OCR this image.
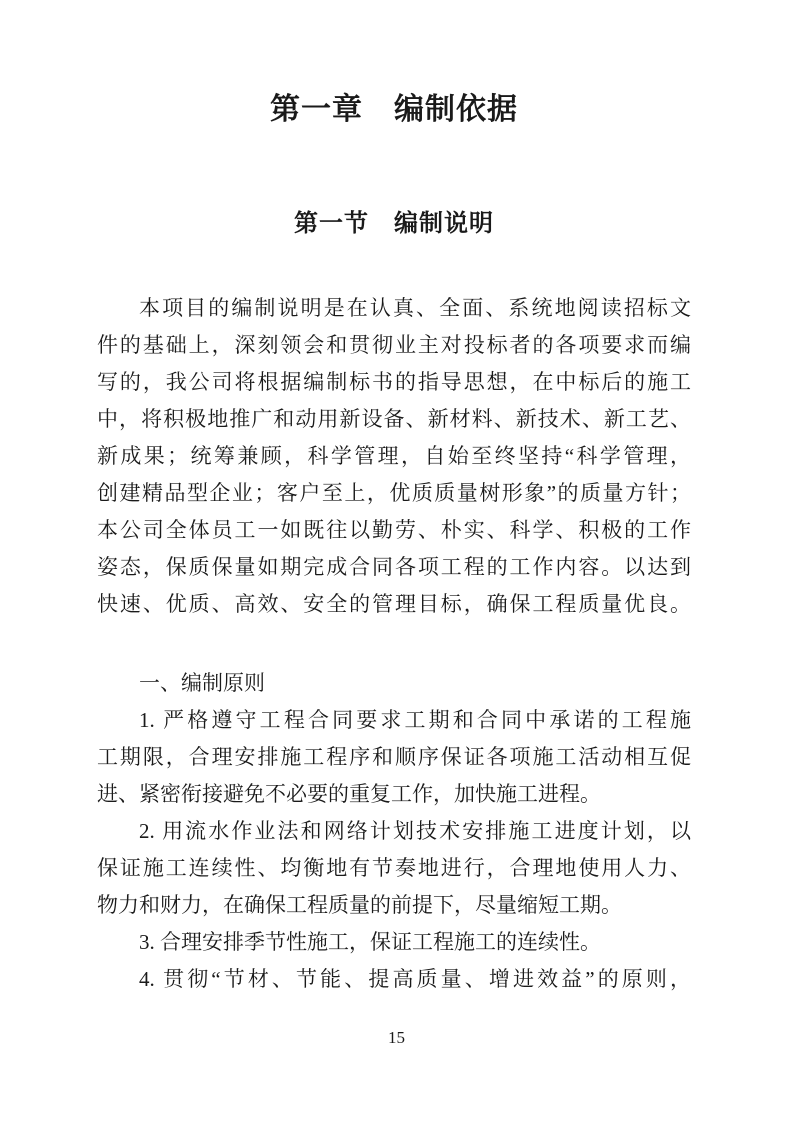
第一章　编制依据
第一节　编制说明
本项目的编制说明是在认真、全面、系统地阅读招标文
件的基础上，深刻领会和贯彻业主对投标者的各项要求而编
写的，我公司将根据编制标书的指导思想，在中标后的施工
中，将积极地推广和动用新设备、新材料、新技术、新工艺、
新成果；统筹兼顾，科学管理，自始至终坚持“科学管理，
创建精品型企业；客户至上，优质质量树形象”的质量方针；
本公司全体员工一如既往以勤劳、朴实、科学、积极的工作
姿态，保质保量如期完成合同各项工程的工作内容。以达到
快速、优质、高效、安全的管理目标，确保工程质量优良。
一、编制原则
1. 严格遵守工程合同要求工期和合同中承诺的工程施
工期限，合理安排施工程序和顺序保证各项施工活动相互促
进、紧密衔接避免不必要的重复工作，加快施工进程。
2. 用流水作业法和网络计划技术安排施工进度计划，以
保证施工连续性、均衡地有节奏地进行，合理地使用人力、
物力和财力，在确保工程质量的前提下，尽量缩短工期。
3. 合理安排季节性施工，保证工程施工的连续性。
4. 贯彻“节材、节能、提高质量、增进效益”的原则，
15
